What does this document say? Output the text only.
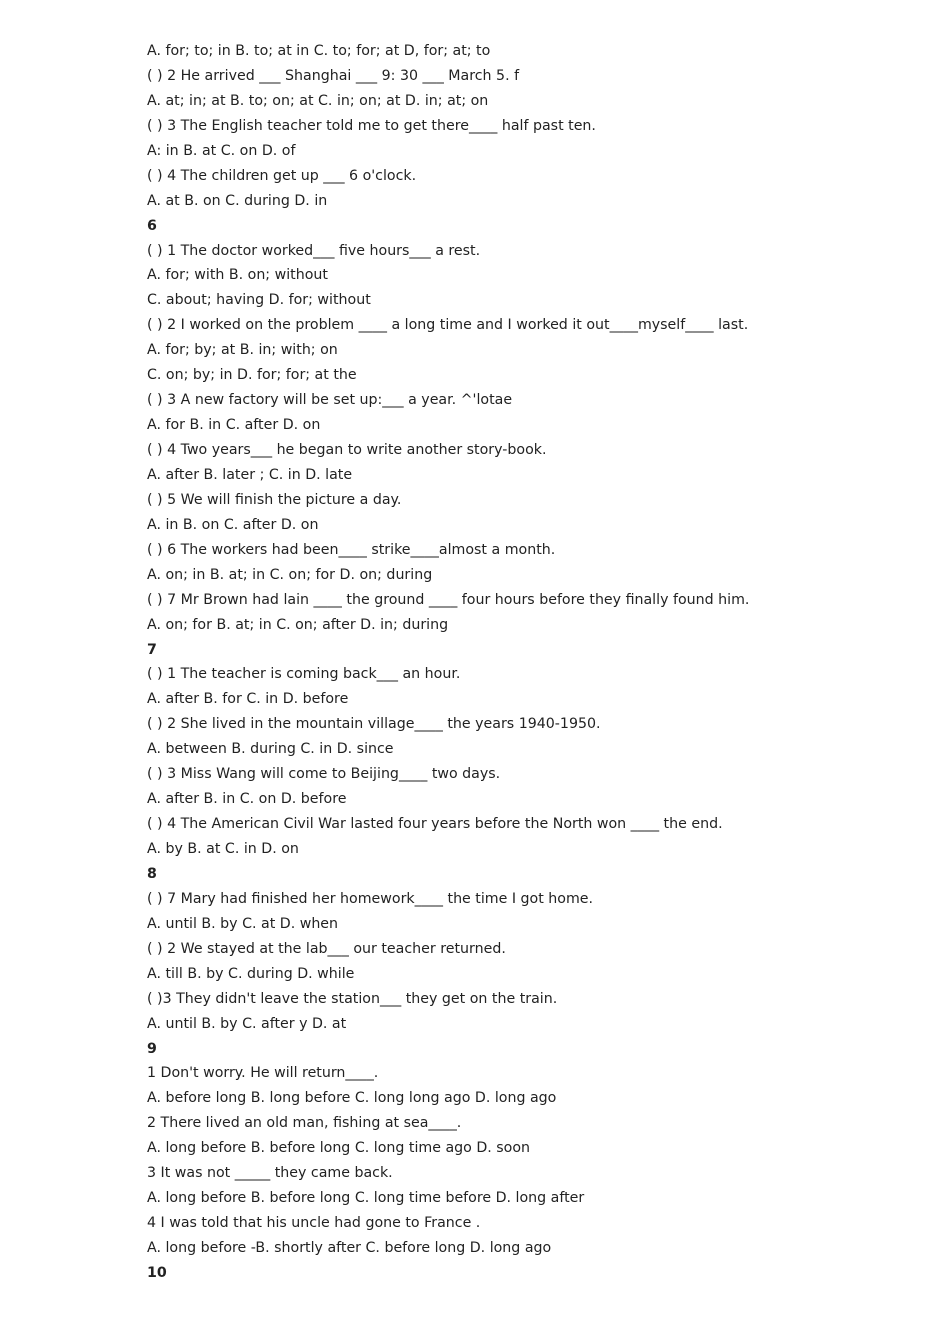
A. for; to; in B. to; at in C. to; for; at D, for; at; to
( ) 2 He arrived ___ Shanghai ___ 9: 30 ___ March 5. f
A. at; in; at B. to; on; at C. in; on; at D. in; at; on
( ) 3 The English teacher told me to get there____ half past ten.
A: in B. at C. on D. of
( ) 4 The children get up ___ 6 o'clock.
A. at B. on C. during D. in
6
( ) 1 The doctor worked___ five hours___ a rest.
A. for; with B. on; without
C. about; having D. for; without
( ) 2 I worked on the problem ____ a long time and I worked it out____myself____ last.
A. for; by; at B. in; with; on
C. on; by; in D. for; for; at the
( ) 3 A new factory will be set up:___ a year. ^'lotae
A. for B. in C. after D. on
( ) 4 Two years___ he began to write another story-book.
A. after B. later ; C. in D. late
( ) 5 We will finish the picture a day.
A. in B. on C. after D. on
( ) 6 The workers had been____ strike____almost a month.
A. on; in B. at; in C. on; for D. on; during
( ) 7 Mr Brown had lain ____ the ground ____ four hours before they finally found him.
A. on; for B. at; in C. on; after D. in; during
7
( ) 1 The teacher is coming back___ an hour.
A. after B. for C. in D. before
( ) 2 She lived in the mountain village____ the years 1940-1950.
A. between B. during C. in D. since
( ) 3 Miss Wang will come to Beijing____ two days.
A. after B. in C. on D. before
( ) 4 The American Civil War lasted four years before the North won ____ the end.
A. by B. at C. in D. on
8
( ) 7 Mary had finished her homework____ the time I got home.
A. until B. by C. at D. when
( ) 2 We stayed at the lab___ our teacher returned.
A. till B. by C. during D. while
( )3 They didn't leave the station___ they get on the train.
A. until B. by C. after y D. at
9
1 Don't worry. He will return____.
A. before long B. long before C. long long ago D. long ago
2 There lived an old man, fishing at sea____.
A. long before B. before long C. long time ago D. soon
3 It was not _____ they came back.
A. long before B. before long C. long time before D. long after
4 I was told that his uncle had gone to France .
A. long before -B. shortly after C. before long D. long ago
10
